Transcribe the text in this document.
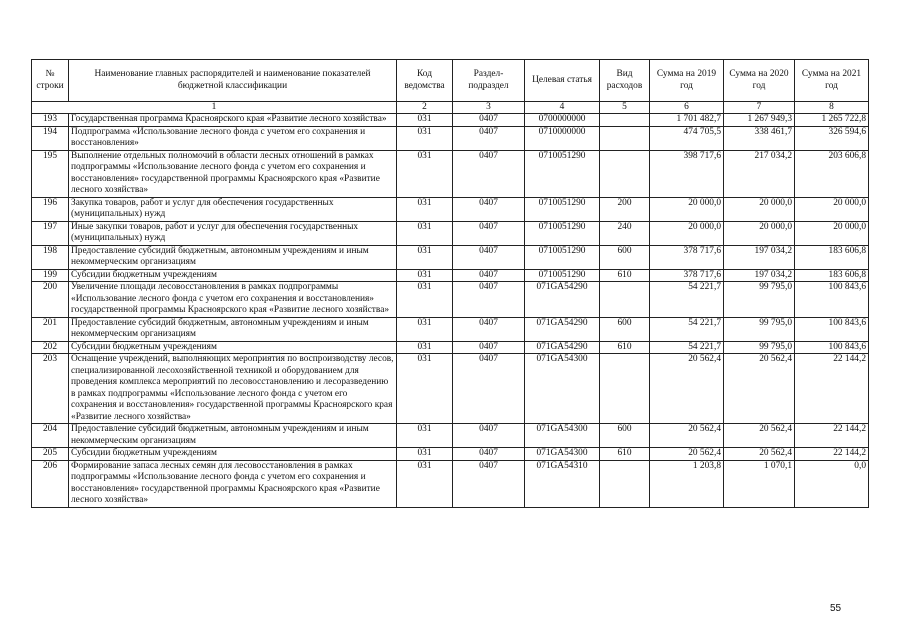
№ строки	Наименование главных распорядителей и наименование показателей бюджетной классификации	Код ведомства	Раздел-подраздел	Целевая статья	Вид расходов	Сумма на 2019 год	Сумма на 2020 год	Сумма на 2021 год
1		2	3	4	5	6	7	8
193	Государственная программа Красноярского края «Развитие лесного хозяйства»	031	0407	0700000000		1 701 482,7	1 267 949,3	1 265 722,8
194	Подпрограмма «Использование лесного фонда с учетом его сохранения и восстановления»	031	0407	0710000000		474 705,5	338 461,7	326 594,6
195	Выполнение отдельных полномочий в области лесных отношений в рамках подпрограммы «Использование лесного фонда с учетом его сохранения и восстановления» государственной программы Красноярского края «Развитие лесного хозяйства»	031	0407	0710051290		398 717,6	217 034,2	203 606,8
196	Закупка товаров, работ и услуг для обеспечения государственных (муниципальных) нужд	031	0407	0710051290	200	20 000,0	20 000,0	20 000,0
197	Иные закупки товаров, работ и услуг для обеспечения государственных (муниципальных) нужд	031	0407	0710051290	240	20 000,0	20 000,0	20 000,0
198	Предоставление субсидий бюджетным, автономным учреждениям и иным некоммерческим организациям	031	0407	0710051290	600	378 717,6	197 034,2	183 606,8
199	Субсидии бюджетным учреждениям	031	0407	0710051290	610	378 717,6	197 034,2	183 606,8
200	Увеличение площади лесовосстановления в рамках подпрограммы «Использование лесного фонда с учетом его сохранения и восстановления» государственной программы Красноярского края «Развитие лесного хозяйства»	031	0407	071GA54290		54 221,7	99 795,0	100 843,6
201	Предоставление субсидий бюджетным, автономным учреждениям и иным некоммерческим организациям	031	0407	071GA54290	600	54 221,7	99 795,0	100 843,6
202	Субсидии бюджетным учреждениям	031	0407	071GA54290	610	54 221,7	99 795,0	100 843,6
203	Оснащение учреждений, выполняющих мероприятия по воспроизводству лесов, специализированной лесохозяйственной техникой и оборудованием для проведения комплекса мероприятий по лесовосстановлению и лесоразведению в рамках подпрограммы «Использование лесного фонда с учетом его сохранения и восстановления» государственной программы Красноярского края «Развитие лесного хозяйства»	031	0407	071GA54300		20 562,4	20 562,4	22 144,2
204	Предоставление субсидий бюджетным, автономным учреждениям и иным некоммерческим организациям	031	0407	071GA54300	600	20 562,4	20 562,4	22 144,2
205	Субсидии бюджетным учреждениям	031	0407	071GA54300	610	20 562,4	20 562,4	22 144,2
206	Формирование запаса лесных семян для лесовосстановления в рамках подпрограммы «Использование лесного фонда с учетом его сохранения и восстановления» государственной программы Красноярского края «Развитие лесного хозяйства»	031	0407	071GA54310		1 203,8	1 070,1	0,0
55
